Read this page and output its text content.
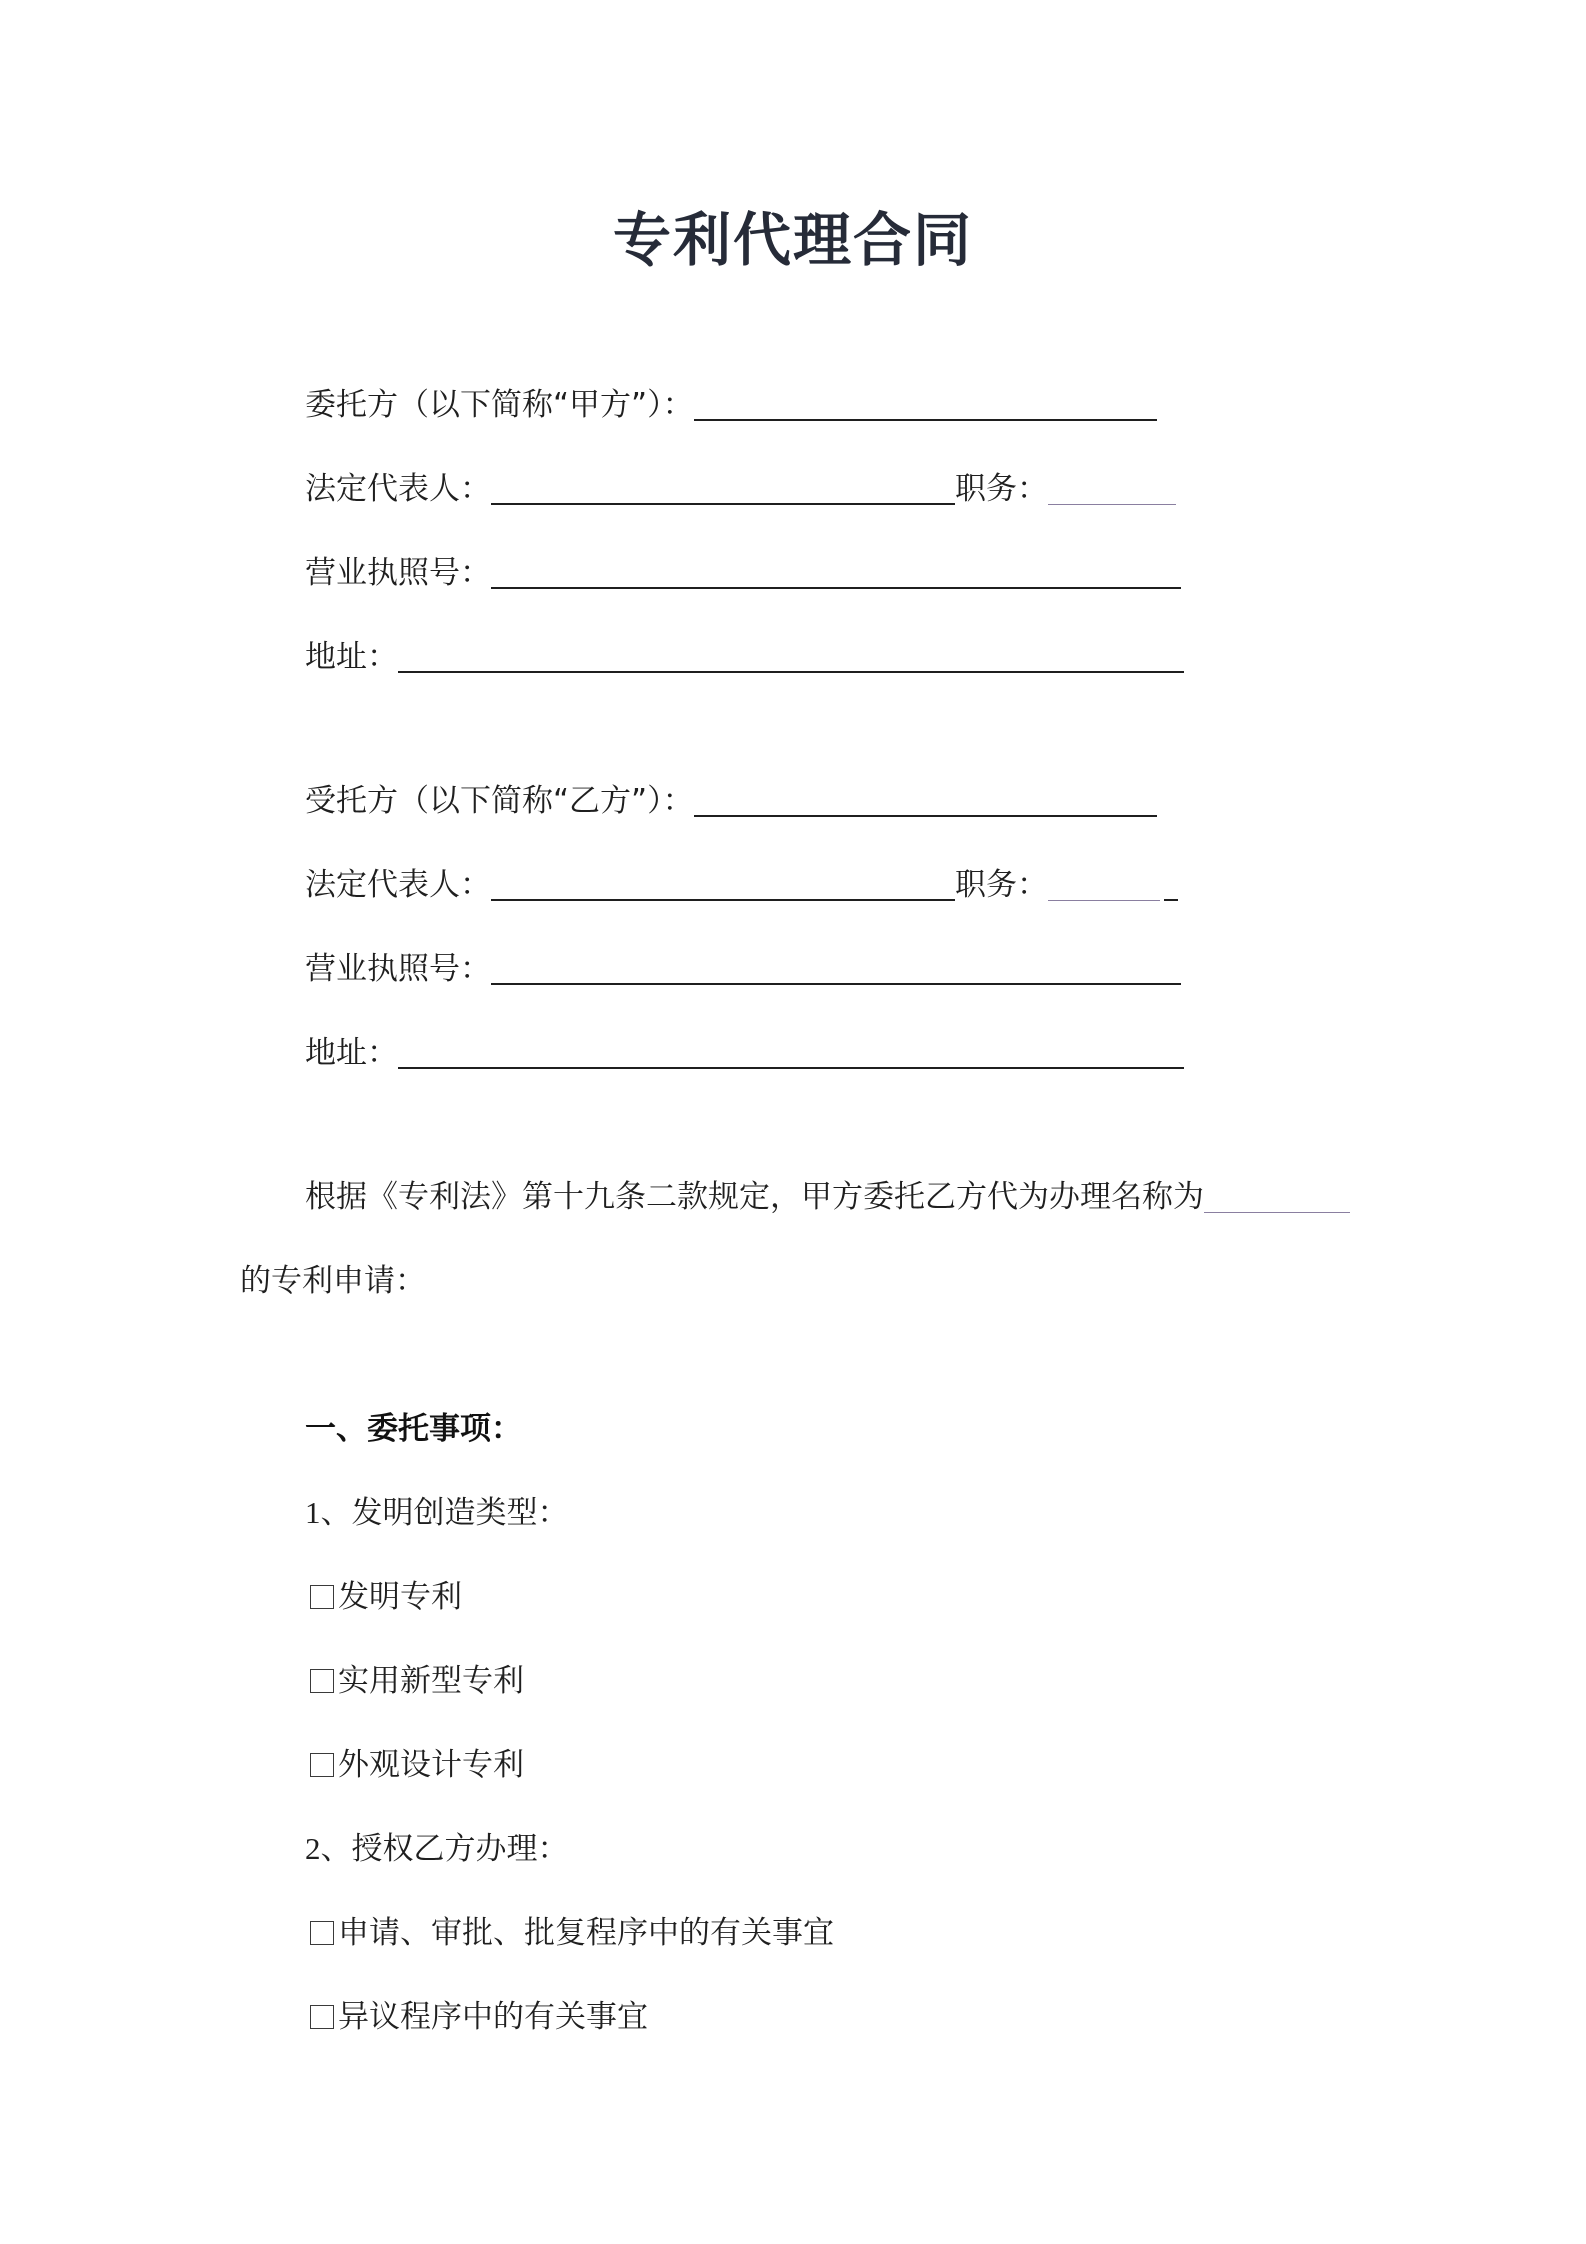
专利代理合同
委托方（以下简称“甲方”）：
法定代表人：	职务：
营业执照号：
地址：
受托方（以下简称“乙方”）：
法定代表人：	职务：
营业执照号：
地址：
根据《专利法》第十九条二款规定，甲方委托乙方代为办理名称为
的专利申请：
一、委托事项：
1、发明创造类型：
发明专利
实用新型专利
外观设计专利
2、授权乙方办理：
申请、审批、批复程序中的有关事宜
异议程序中的有关事宜
